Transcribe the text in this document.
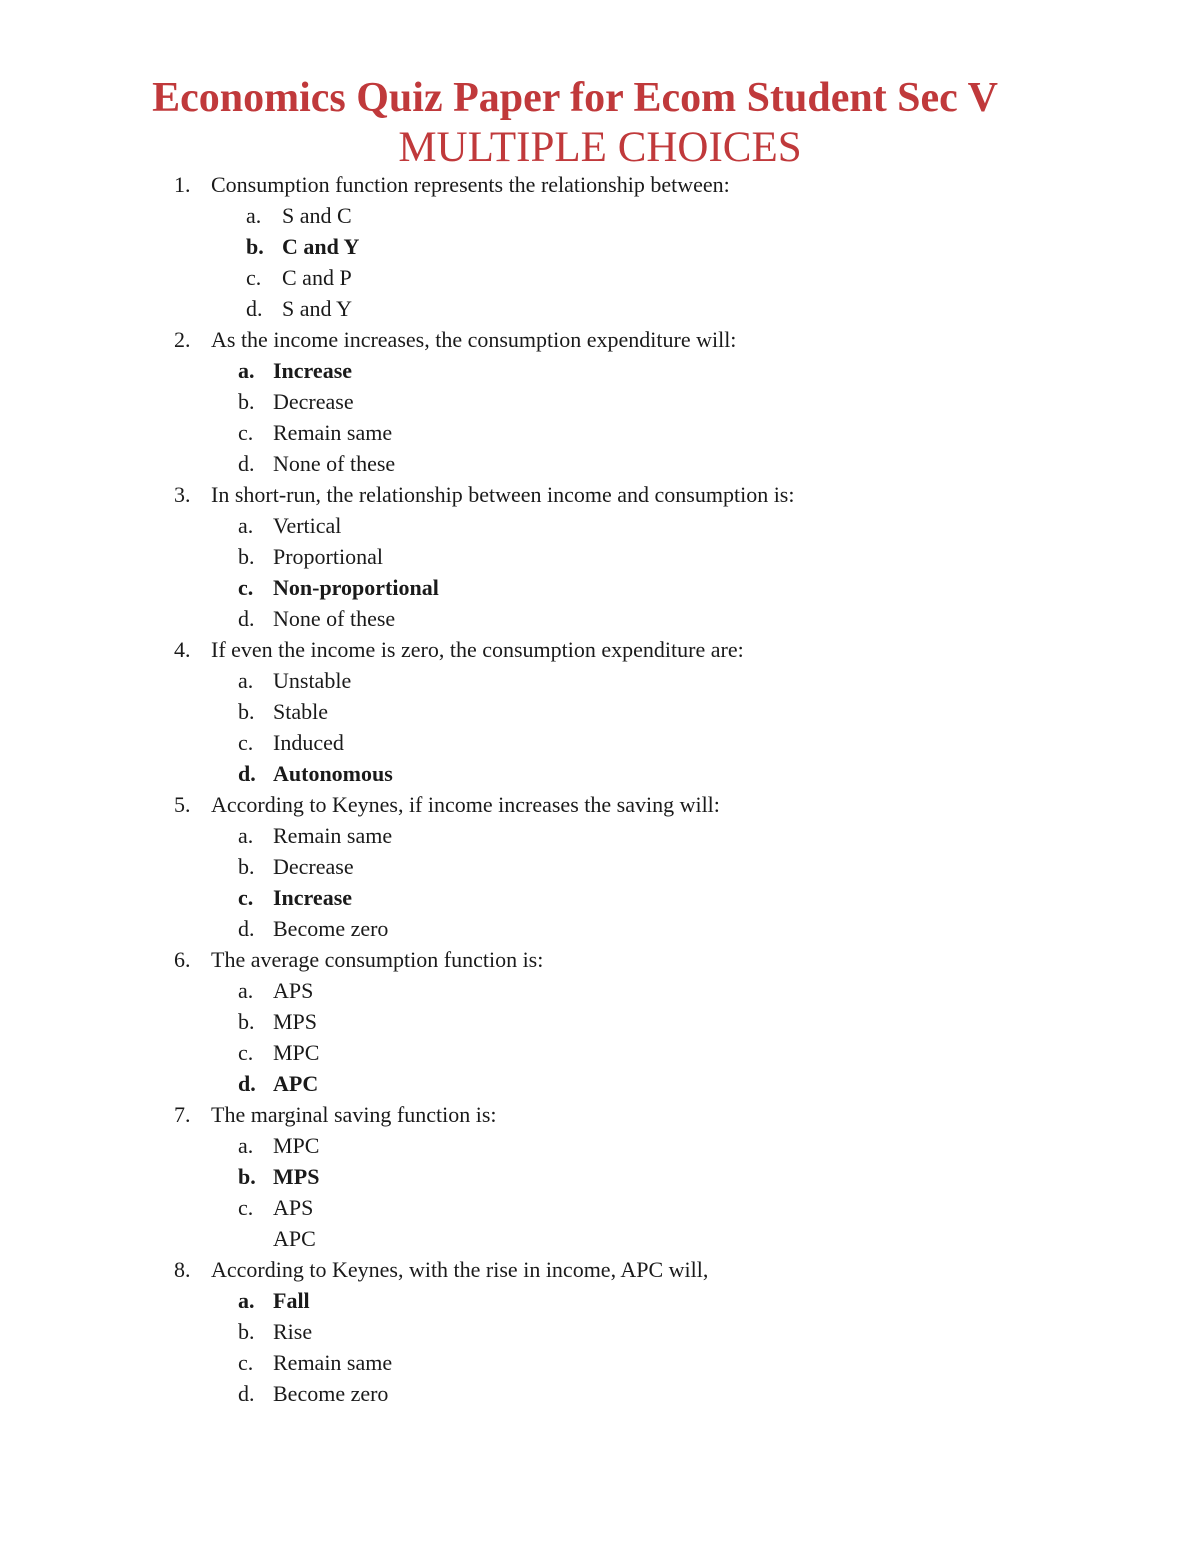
Economics Quiz Paper for Ecom Student Sec V
MULTIPLE CHOICES
1. Consumption function represents the relationship between:
a. S and C
b. C and Y
c. C and P
d. S and Y
2. As the income increases, the consumption expenditure will:
a. Increase
b. Decrease
c. Remain same
d. None of these
3. In short-run, the relationship between income and consumption is:
a. Vertical
b. Proportional
c. Non-proportional
d. None of these
4. If even the income is zero, the consumption expenditure are:
a. Unstable
b. Stable
c. Induced
d. Autonomous
5. According to Keynes, if income increases the saving will:
a. Remain same
b. Decrease
c. Increase
d. Become zero
6. The average consumption function is:
a. APS
b. MPS
c. MPC
d. APC
7. The marginal saving function is:
a. MPC
b. MPS
c. APS
APC
8. According to Keynes, with the rise in income, APC will,
a. Fall
b. Rise
c. Remain same
d. Become zero
